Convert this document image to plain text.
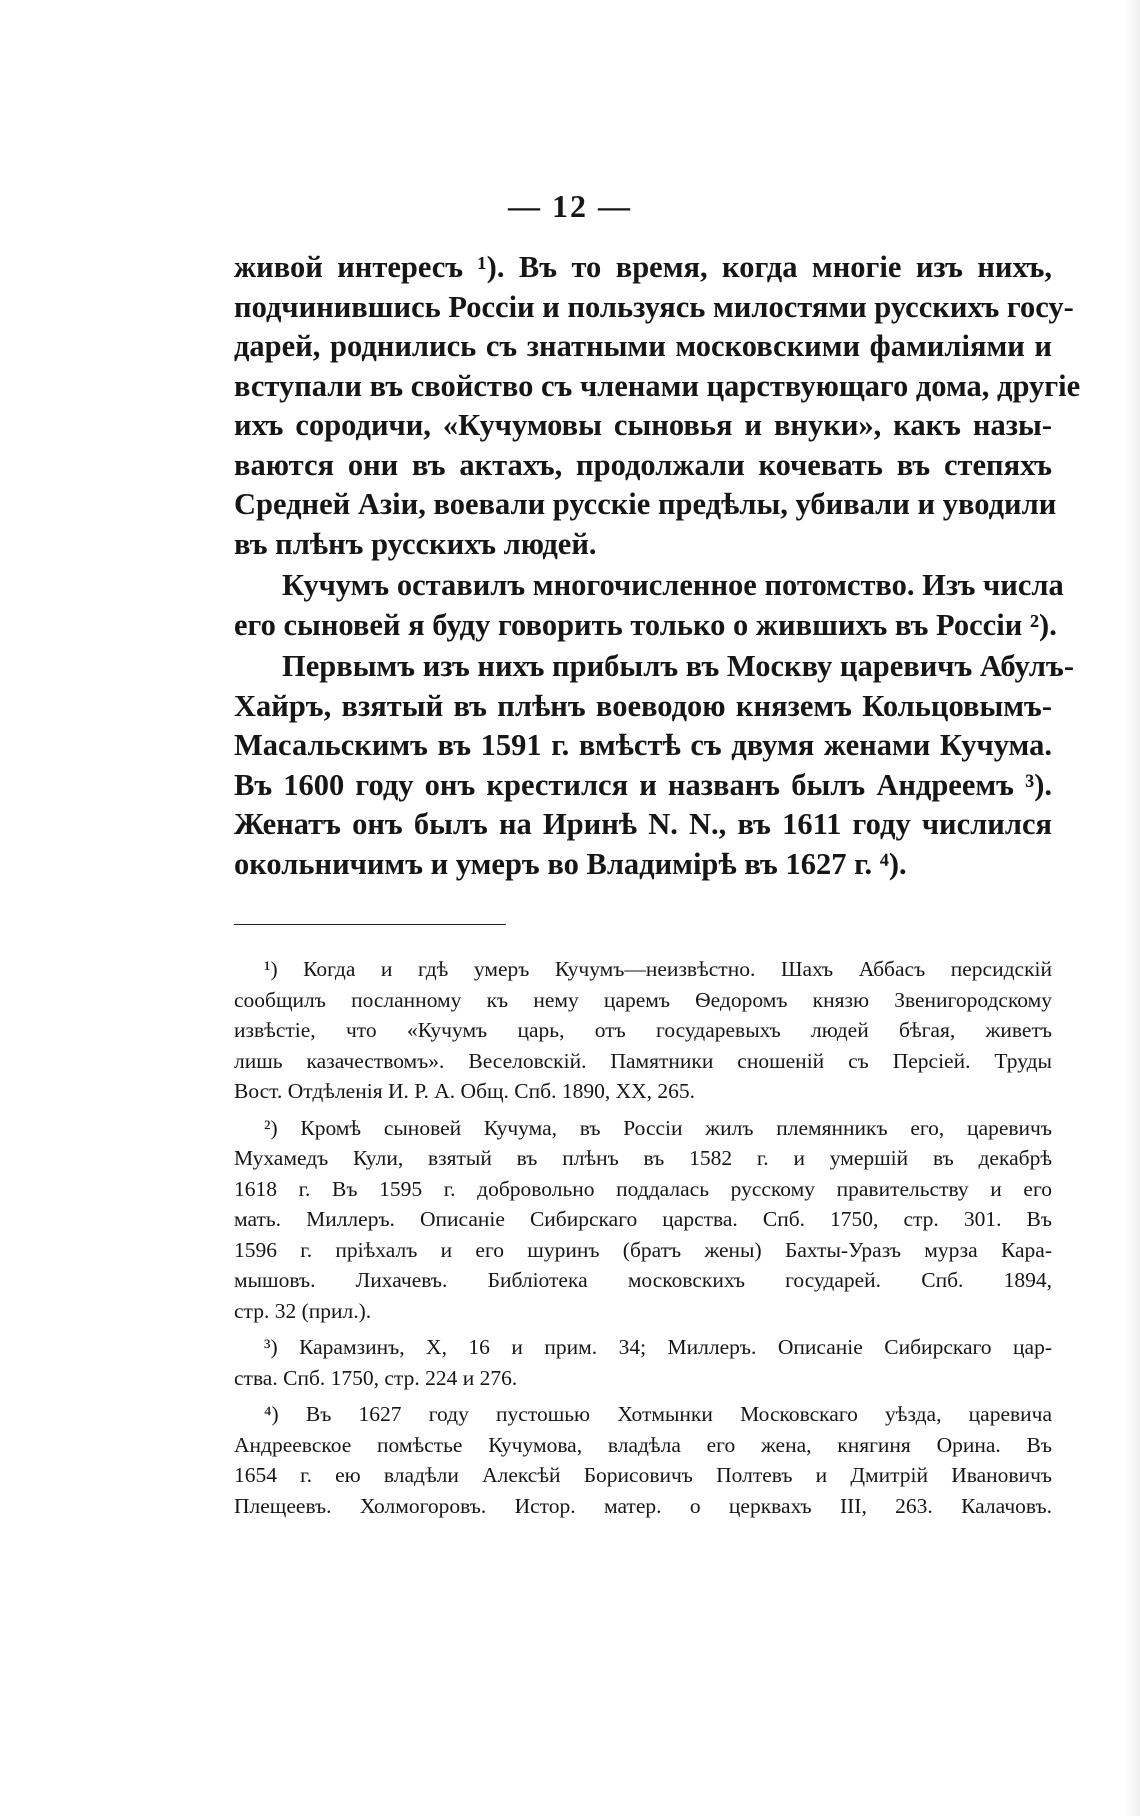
— 12 —
живой интересъ ¹). Въ то время, когда многіе изъ нихъ,
подчинившись Россіи и пользуясь милостями русскихъ госу-
дарей, роднились съ знатными московскими фамиліями и
вступали въ свойство съ членами царствующаго дома, другіе
ихъ сородичи, «Кучумовы сыновья и внуки», какъ назы-
ваются они въ актахъ, продолжали кочевать въ степяхъ
Средней Азіи, воевали русскіе предѣлы, убивали и уводили
въ плѣнъ русскихъ людей.
Кучумъ оставилъ многочисленное потомство. Изъ числа
его сыновей я буду говорить только о жившихъ въ Россіи ²).
Первымъ изъ нихъ прибылъ въ Москву царевичъ Абулъ-
Хайръ, взятый въ плѣнъ воеводою княземъ Кольцовымъ-
Масальскимъ въ 1591 г. вмѣстѣ съ двумя женами Кучума.
Въ 1600 году онъ крестился и названъ былъ Андреемъ ³).
Женатъ онъ былъ на Иринѣ N. N., въ 1611 году числился
окольничимъ и умеръ во Владимірѣ въ 1627 г. ⁴).
¹) Когда и гдѣ умеръ Кучумъ—неизвѣстно. Шахъ Аббасъ персидскій
сообщилъ посланному къ нему царемъ Ѳедоромъ князю Звенигородскому
извѣстіе, что «Кучумъ царь, отъ государевыхъ людей бѣгая, живетъ
лишь казачествомъ». Веселовскій. Памятники сношеній съ Персіей. Труды
Вост. Отдѣленія И. Р. А. Общ. Спб. 1890, XX, 265.
²) Кромѣ сыновей Кучума, въ Россіи жилъ племянникъ его, царевичъ
Мухамедъ Кули, взятый въ плѣнъ въ 1582 г. и умершій въ декабрѣ
1618 г. Въ 1595 г. добровольно поддалась русскому правительству и его
мать. Миллеръ. Описаніе Сибирскаго царства. Спб. 1750, стр. 301. Въ
1596 г. пріѣхалъ и его шуринъ (братъ жены) Бахты-Уразъ мурза Кара-
мышовъ. Лихачевъ. Библіотека московскихъ государей. Спб. 1894,
стр. 32 (прил.).
³) Карамзинъ, X, 16 и прим. 34; Миллеръ. Описаніе Сибирскаго цар-
ства. Спб. 1750, стр. 224 и 276.
⁴) Въ 1627 году пустошью Хотмынки Московскаго уѣзда, царевича
Андреевское помѣстье Кучумова, владѣла его жена, княгиня Орина. Въ
1654 г. ею владѣли Алексѣй Борисовичъ Полтевъ и Дмитрій Ивановичъ
Плещеевъ. Холмогоровъ. Истор. матер. о церквахъ III, 263. Калачовъ.
